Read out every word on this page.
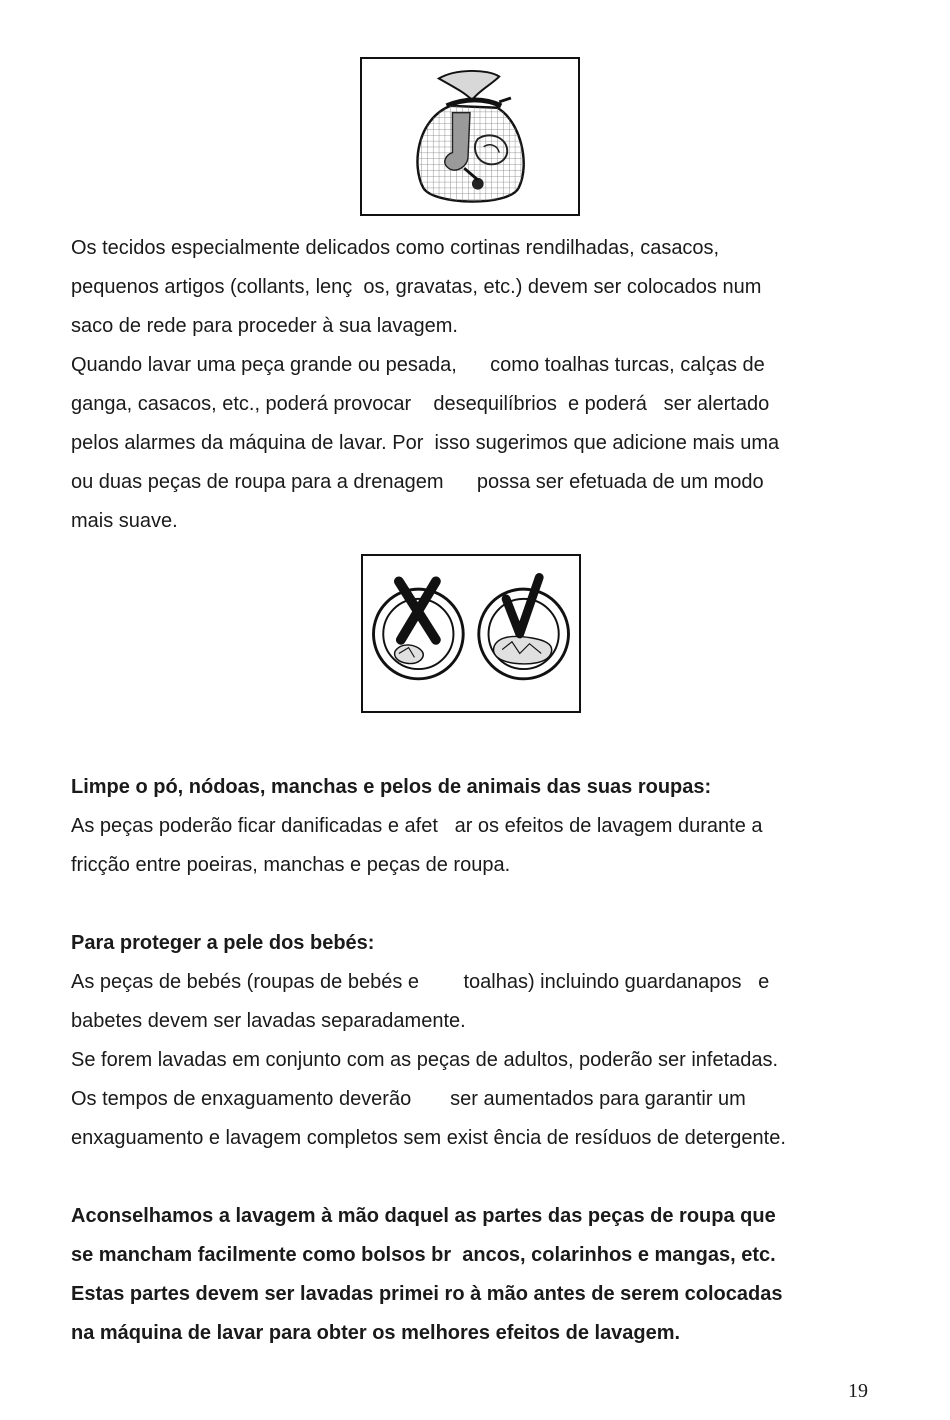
Os tecidos especialmente delicados como cortinas rendilhadas, casacos,

pequenos artigos (collants, lenç  os, gravatas, etc.) devem ser colocados num

saco de rede para proceder à sua lavagem.

Quando lavar uma peça grande ou pesada,      como toalhas turcas, calças de

ganga, casacos, etc., poderá provocar    desequilíbrios  e poderá   ser alertado

pelos alarmes da máquina de lavar. Por  isso sugerimos que adicione mais uma

ou duas peças de roupa para a drenagem      possa ser efetuada de um modo

mais suave.

Limpe o pó, nódoas, manchas e pelos de animais das suas roupas:

As peças poderão ficar danificadas e afet   ar os efeitos de lavagem durante a

fricção entre poeiras, manchas e peças de roupa.

Para proteger a pele dos bebés:

As peças de bebés (roupas de bebés e        toalhas) incluindo guardanapos   e

babetes devem ser lavadas separadamente.

Se forem lavadas em conjunto com as peças de adultos, poderão ser infetadas.

Os tempos de enxaguamento deverão       ser aumentados para garantir um

enxaguamento e lavagem completos sem exist ência de resíduos de detergente.

Aconselhamos a lavagem à mão daquel as partes das peças de roupa que

se mancham facilmente como bolsos br  ancos, colarinhos e mangas, etc.

Estas partes devem ser lavadas primei ro à mão antes de serem colocadas

na máquina de lavar para obter os melhores efeitos de lavagem.

19
